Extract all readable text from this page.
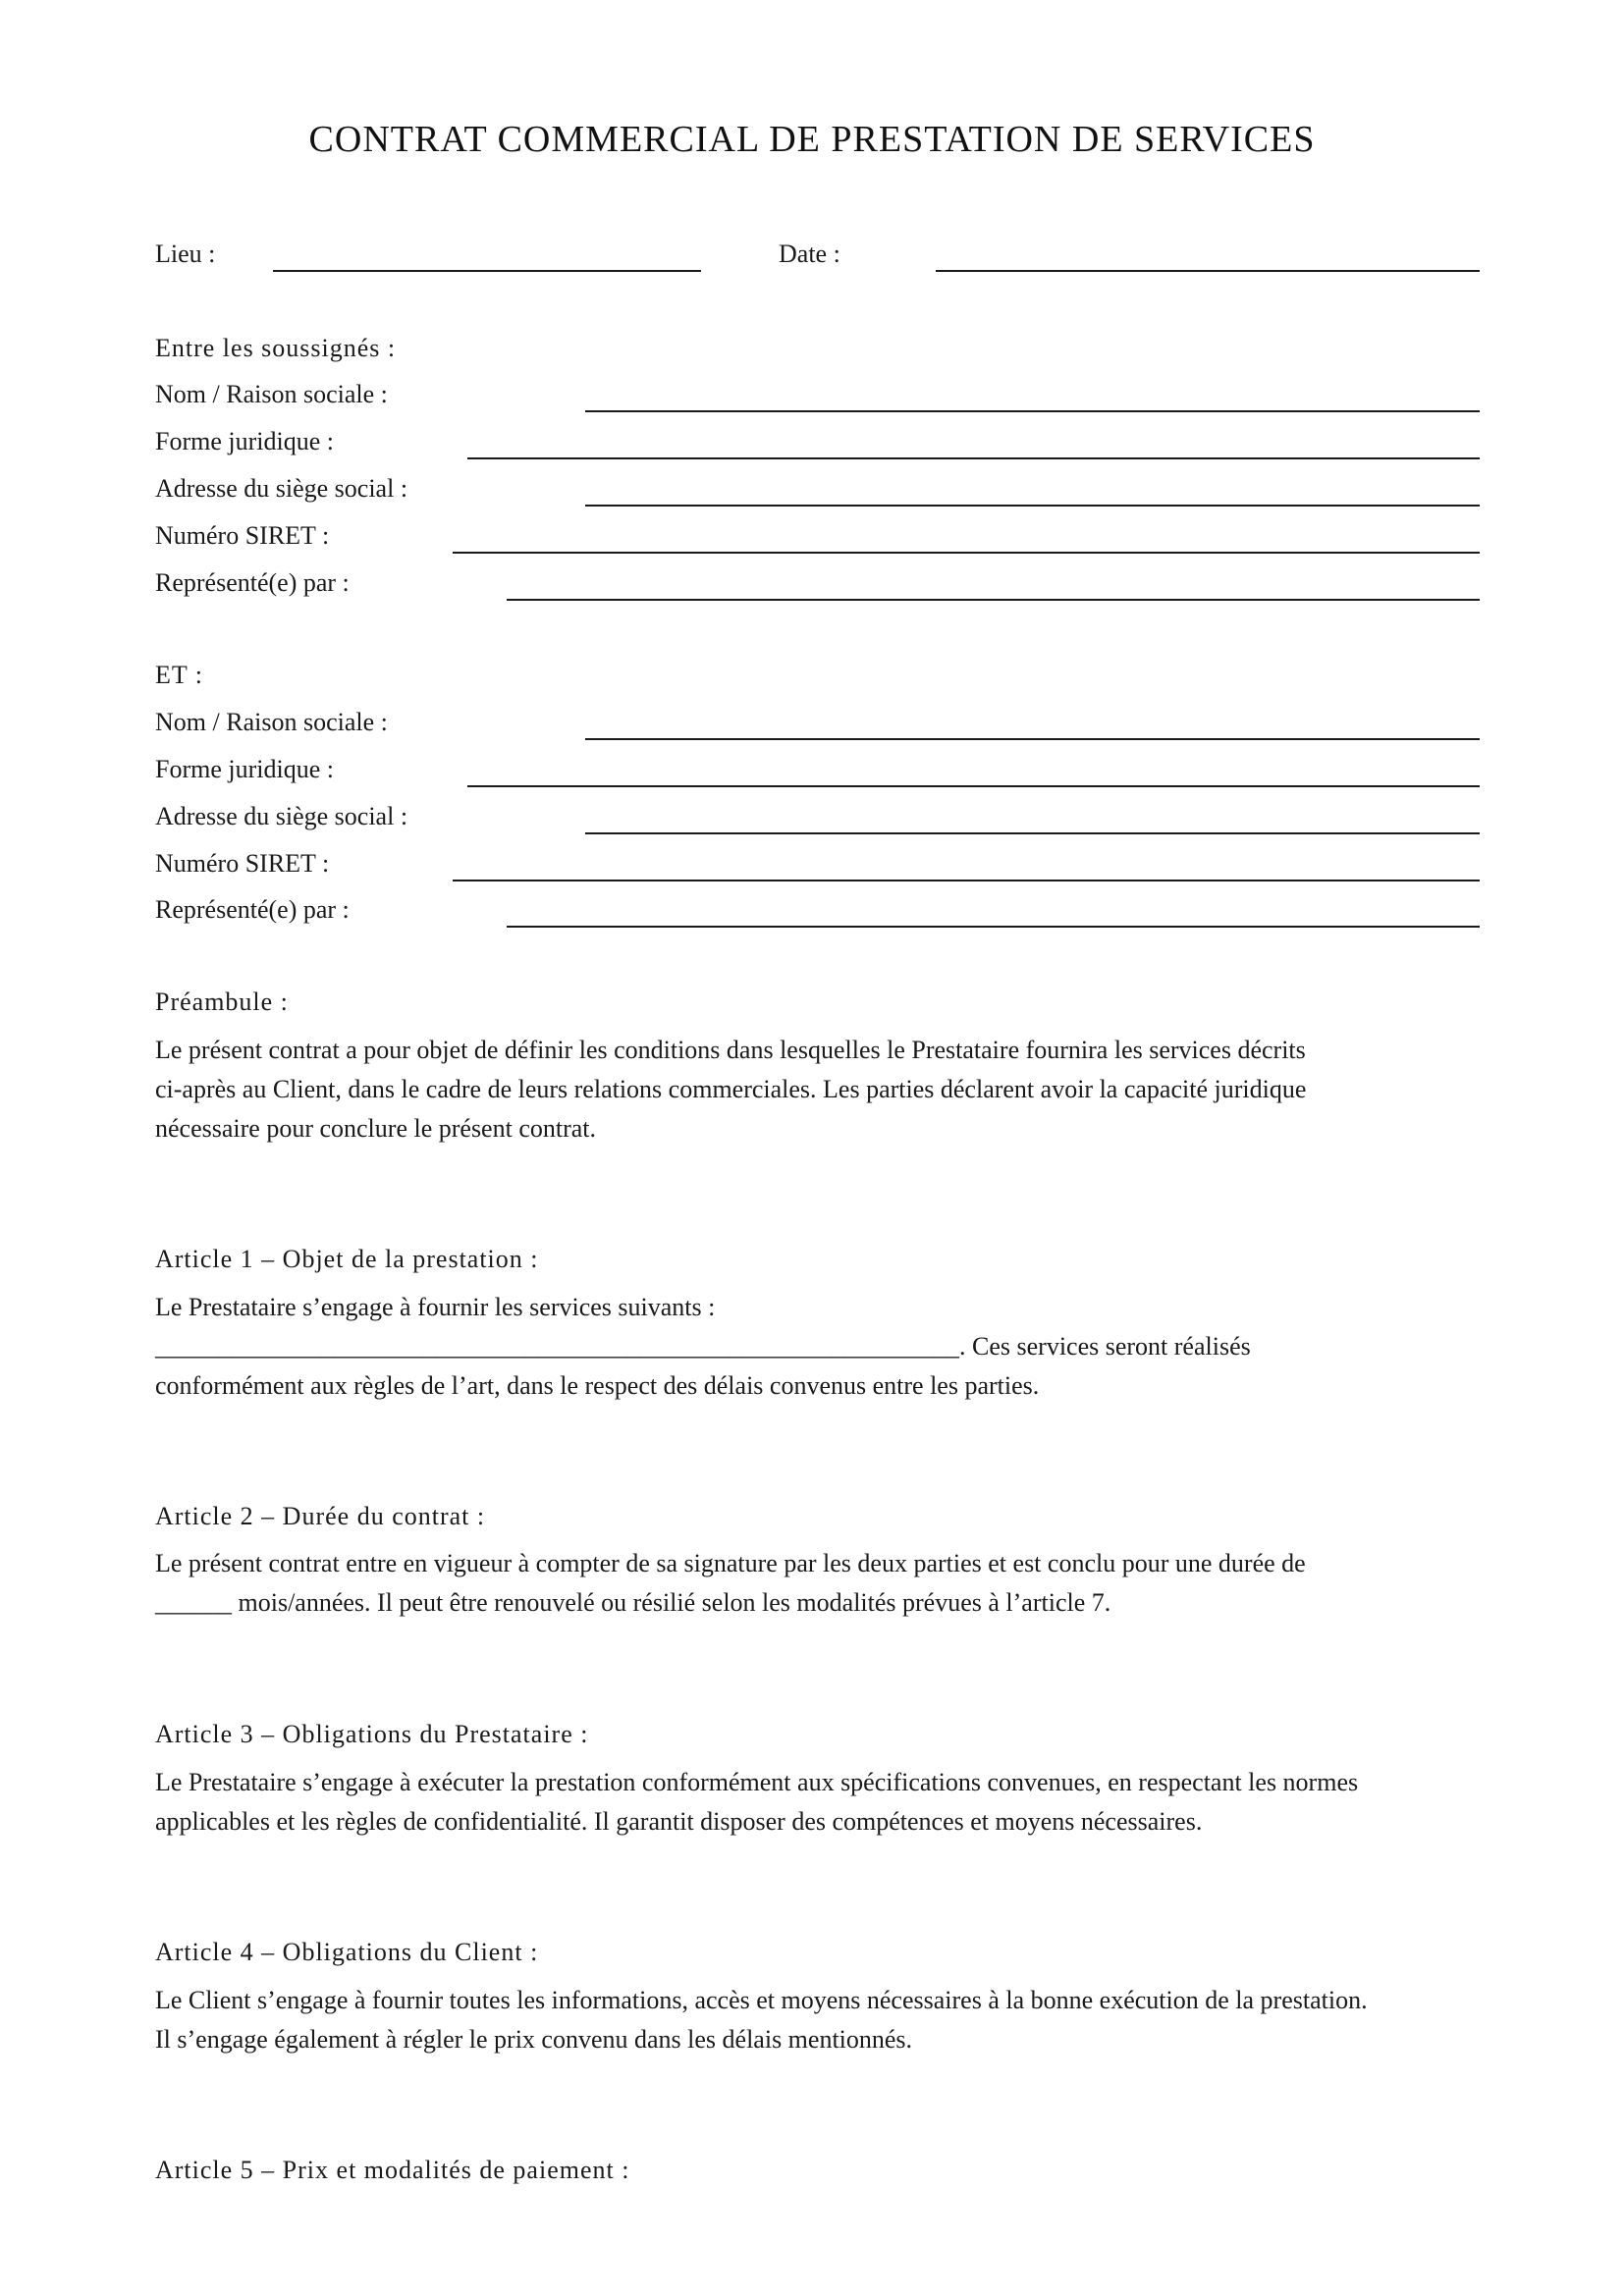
CONTRAT COMMERCIAL DE PRESTATION DE SERVICES
Lieu :	Date :
Entre les soussignés :
Nom / Raison sociale :
Forme juridique :
Adresse du siège social :
Numéro SIRET :
Représenté(e) par :
ET :
Nom / Raison sociale :
Forme juridique :
Adresse du siège social :
Numéro SIRET :
Représenté(e) par :
Préambule :
Le présent contrat a pour objet de définir les conditions dans lesquelles le Prestataire fournira les services décrits
ci-après au Client, dans le cadre de leurs relations commerciales. Les parties déclarent avoir la capacité juridique
nécessaire pour conclure le présent contrat.
Article 1 – Objet de la prestation :
Le Prestataire s’engage à fournir les services suivants :
_______________________________________________________________. Ces services seront réalisés
conformément aux règles de l’art, dans le respect des délais convenus entre les parties.
Article 2 – Durée du contrat :
Le présent contrat entre en vigueur à compter de sa signature par les deux parties et est conclu pour une durée de
______ mois/années. Il peut être renouvelé ou résilié selon les modalités prévues à l’article 7.
Article 3 – Obligations du Prestataire :
Le Prestataire s’engage à exécuter la prestation conformément aux spécifications convenues, en respectant les normes
applicables et les règles de confidentialité. Il garantit disposer des compétences et moyens nécessaires.
Article 4 – Obligations du Client :
Le Client s’engage à fournir toutes les informations, accès et moyens nécessaires à la bonne exécution de la prestation.
Il s’engage également à régler le prix convenu dans les délais mentionnés.
Article 5 – Prix et modalités de paiement :
